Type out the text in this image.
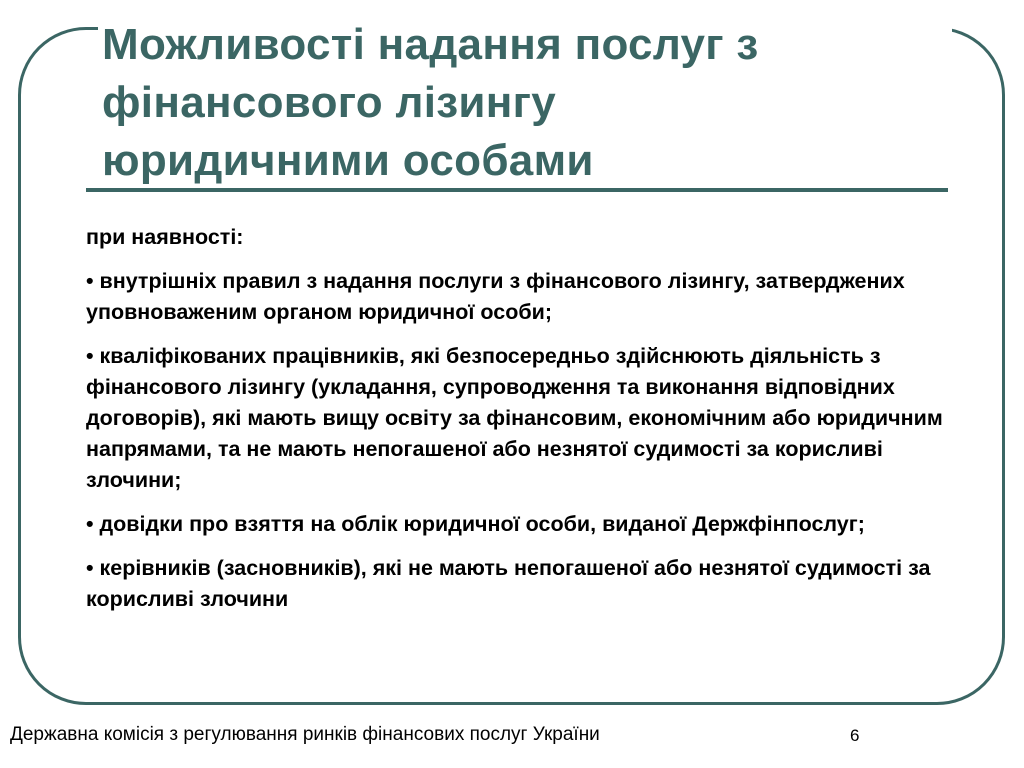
Можливості надання послуг з
фінансового лізингу
юридичними особами

при наявності:

• внутрішніх правил з надання послуги з фінансового лізингу, затверджених уповноваженим органом юридичної особи;

• кваліфікованих працівників, які безпосередньо здійснюють діяльність з фінансового лізингу (укладання, супроводження та виконання відповідних договорів), які мають вищу освіту за фінансовим, економічним або юридичним напрямами, та не мають непогашеної або незнятої судимості за корисливі злочини;

• довідки про взяття на облік юридичної особи, виданої Держфінпослуг;

• керівників (засновників), які не мають непогашеної або незнятої судимості за корисливі злочини

Державна комісія з регулювання ринків фінансових послуг України	6
